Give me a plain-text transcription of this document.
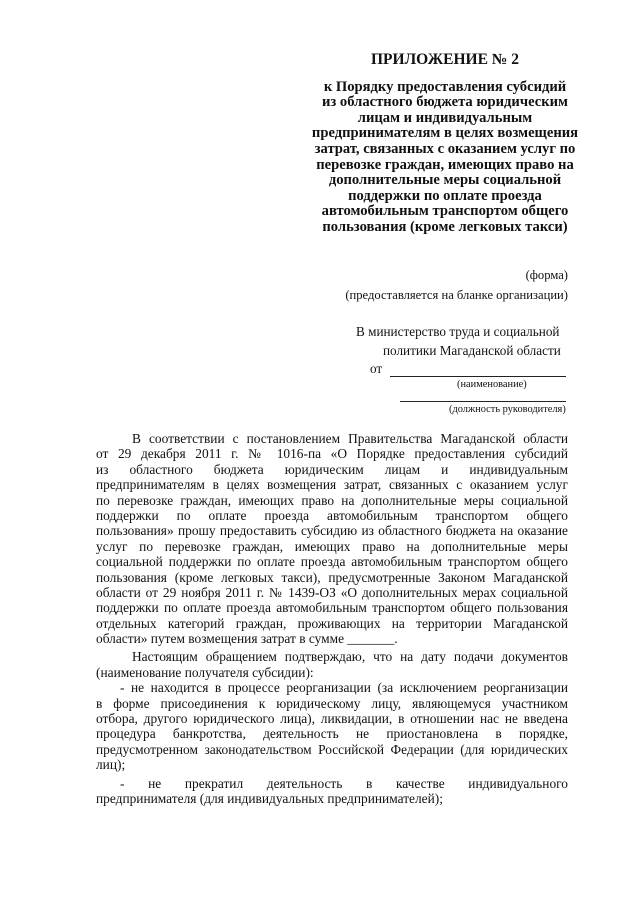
ПРИЛОЖЕНИЕ № 2
к Порядку предоставления субсидий
из областного бюджета юридическим
лицам и индивидуальным
предпринимателям в целях возмещения
затрат, связанных с оказанием услуг по
перевозке граждан, имеющих право на
дополнительные меры социальной
поддержки по оплате проезда
автомобильным транспортом общего
пользования (кроме легковых такси)
(форма)
(предоставляется на бланке организации)
В министерство труда и социальной
политики Магаданской области
от
(наименование)
(должность руководителя)
В соответствии с постановлением Правительства Магаданской области
от 29 декабря 2011 г. № 1016-па «О Порядке предоставления субсидий
из областного бюджета юридическим лицам и индивидуальным
предпринимателям в целях возмещения затрат, связанных с оказанием услуг
по перевозке граждан, имеющих право на дополнительные меры социальной
поддержки по оплате проезда автомобильным транспортом общего
пользования» прошу предоставить субсидию из областного бюджета на оказание
услуг по перевозке граждан, имеющих право на дополнительные меры
социальной поддержки по оплате проезда автомобильным транспортом общего
пользования (кроме легковых такси), предусмотренные Законом Магаданской
области от 29 ноября 2011 г. № 1439-ОЗ «О дополнительных мерах социальной
поддержки по оплате проезда автомобильным транспортом общего пользования
отдельных категорий граждан, проживающих на территории Магаданской
области» путем возмещения затрат в сумме _______.
Настоящим обращением подтверждаю, что на дату подачи документов
(наименование получателя субсидии):
- не находится в процессе реорганизации (за исключением реорганизации
в форме присоединения к юридическому лицу, являющемуся участником
отбора, другого юридического лица), ликвидации, в отношении нас не введена
процедура банкротства, деятельность не приостановлена в порядке,
предусмотренном законодательством Российской Федерации (для юридических
лиц);
- не прекратил деятельность в качестве индивидуального
предпринимателя (для индивидуальных предпринимателей);
